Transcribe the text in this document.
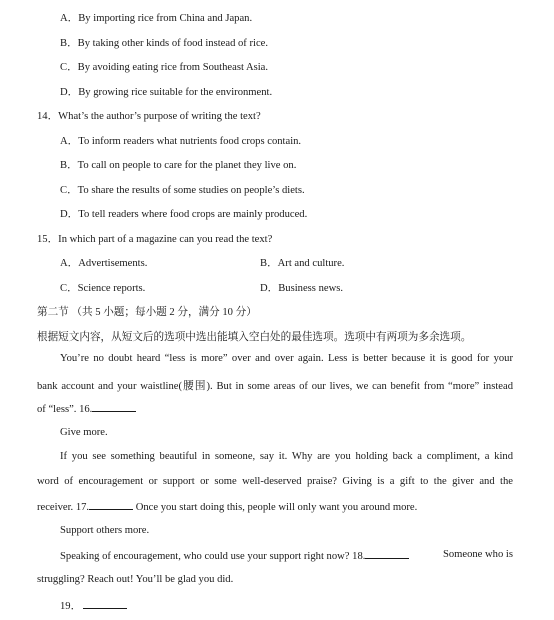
A．By importing rice from China and Japan.
B．By taking other kinds of food instead of rice.
C．By avoiding eating rice from Southeast Asia.
D．By growing rice suitable for the environment.
14．What’s the author’s purpose of writing the text?
A．To inform readers what nutrients food crops contain.
B．To call on people to care for the planet they live on.
C．To share the results of some studies on people’s diets.
D．To tell readers where food crops are mainly produced.
15．In which part of a magazine can you read the text?
A．Advertisements.	B．Art and culture.
C．Science reports.	D．Business news.
第二节 （共 5 小题；每小题 2 分，满分 10 分）
根据短文内容，从短文后的选项中选出能填入空白处的最佳选项。选项中有两项为多余选项。
You’re no doubt heard “less is more” over and over again. Less is better because it is good for your
bank account and your waistline(腰围). But in some areas of our lives, we can benefit from “more” instead
of “less”. 16.
Give more.
If you see something beautiful in someone, say it. Why are you holding back a compliment, a kind
word of encouragement or support or some well-deserved praise? Giving is a gift to the giver and the
receiver. 17.	Once you start doing this, people will only want you around more.
Support others more.
Speaking of encouragement, who could use your support right now? 18.	Someone who is
struggling? Reach out! You’ll be glad you did.
19．
